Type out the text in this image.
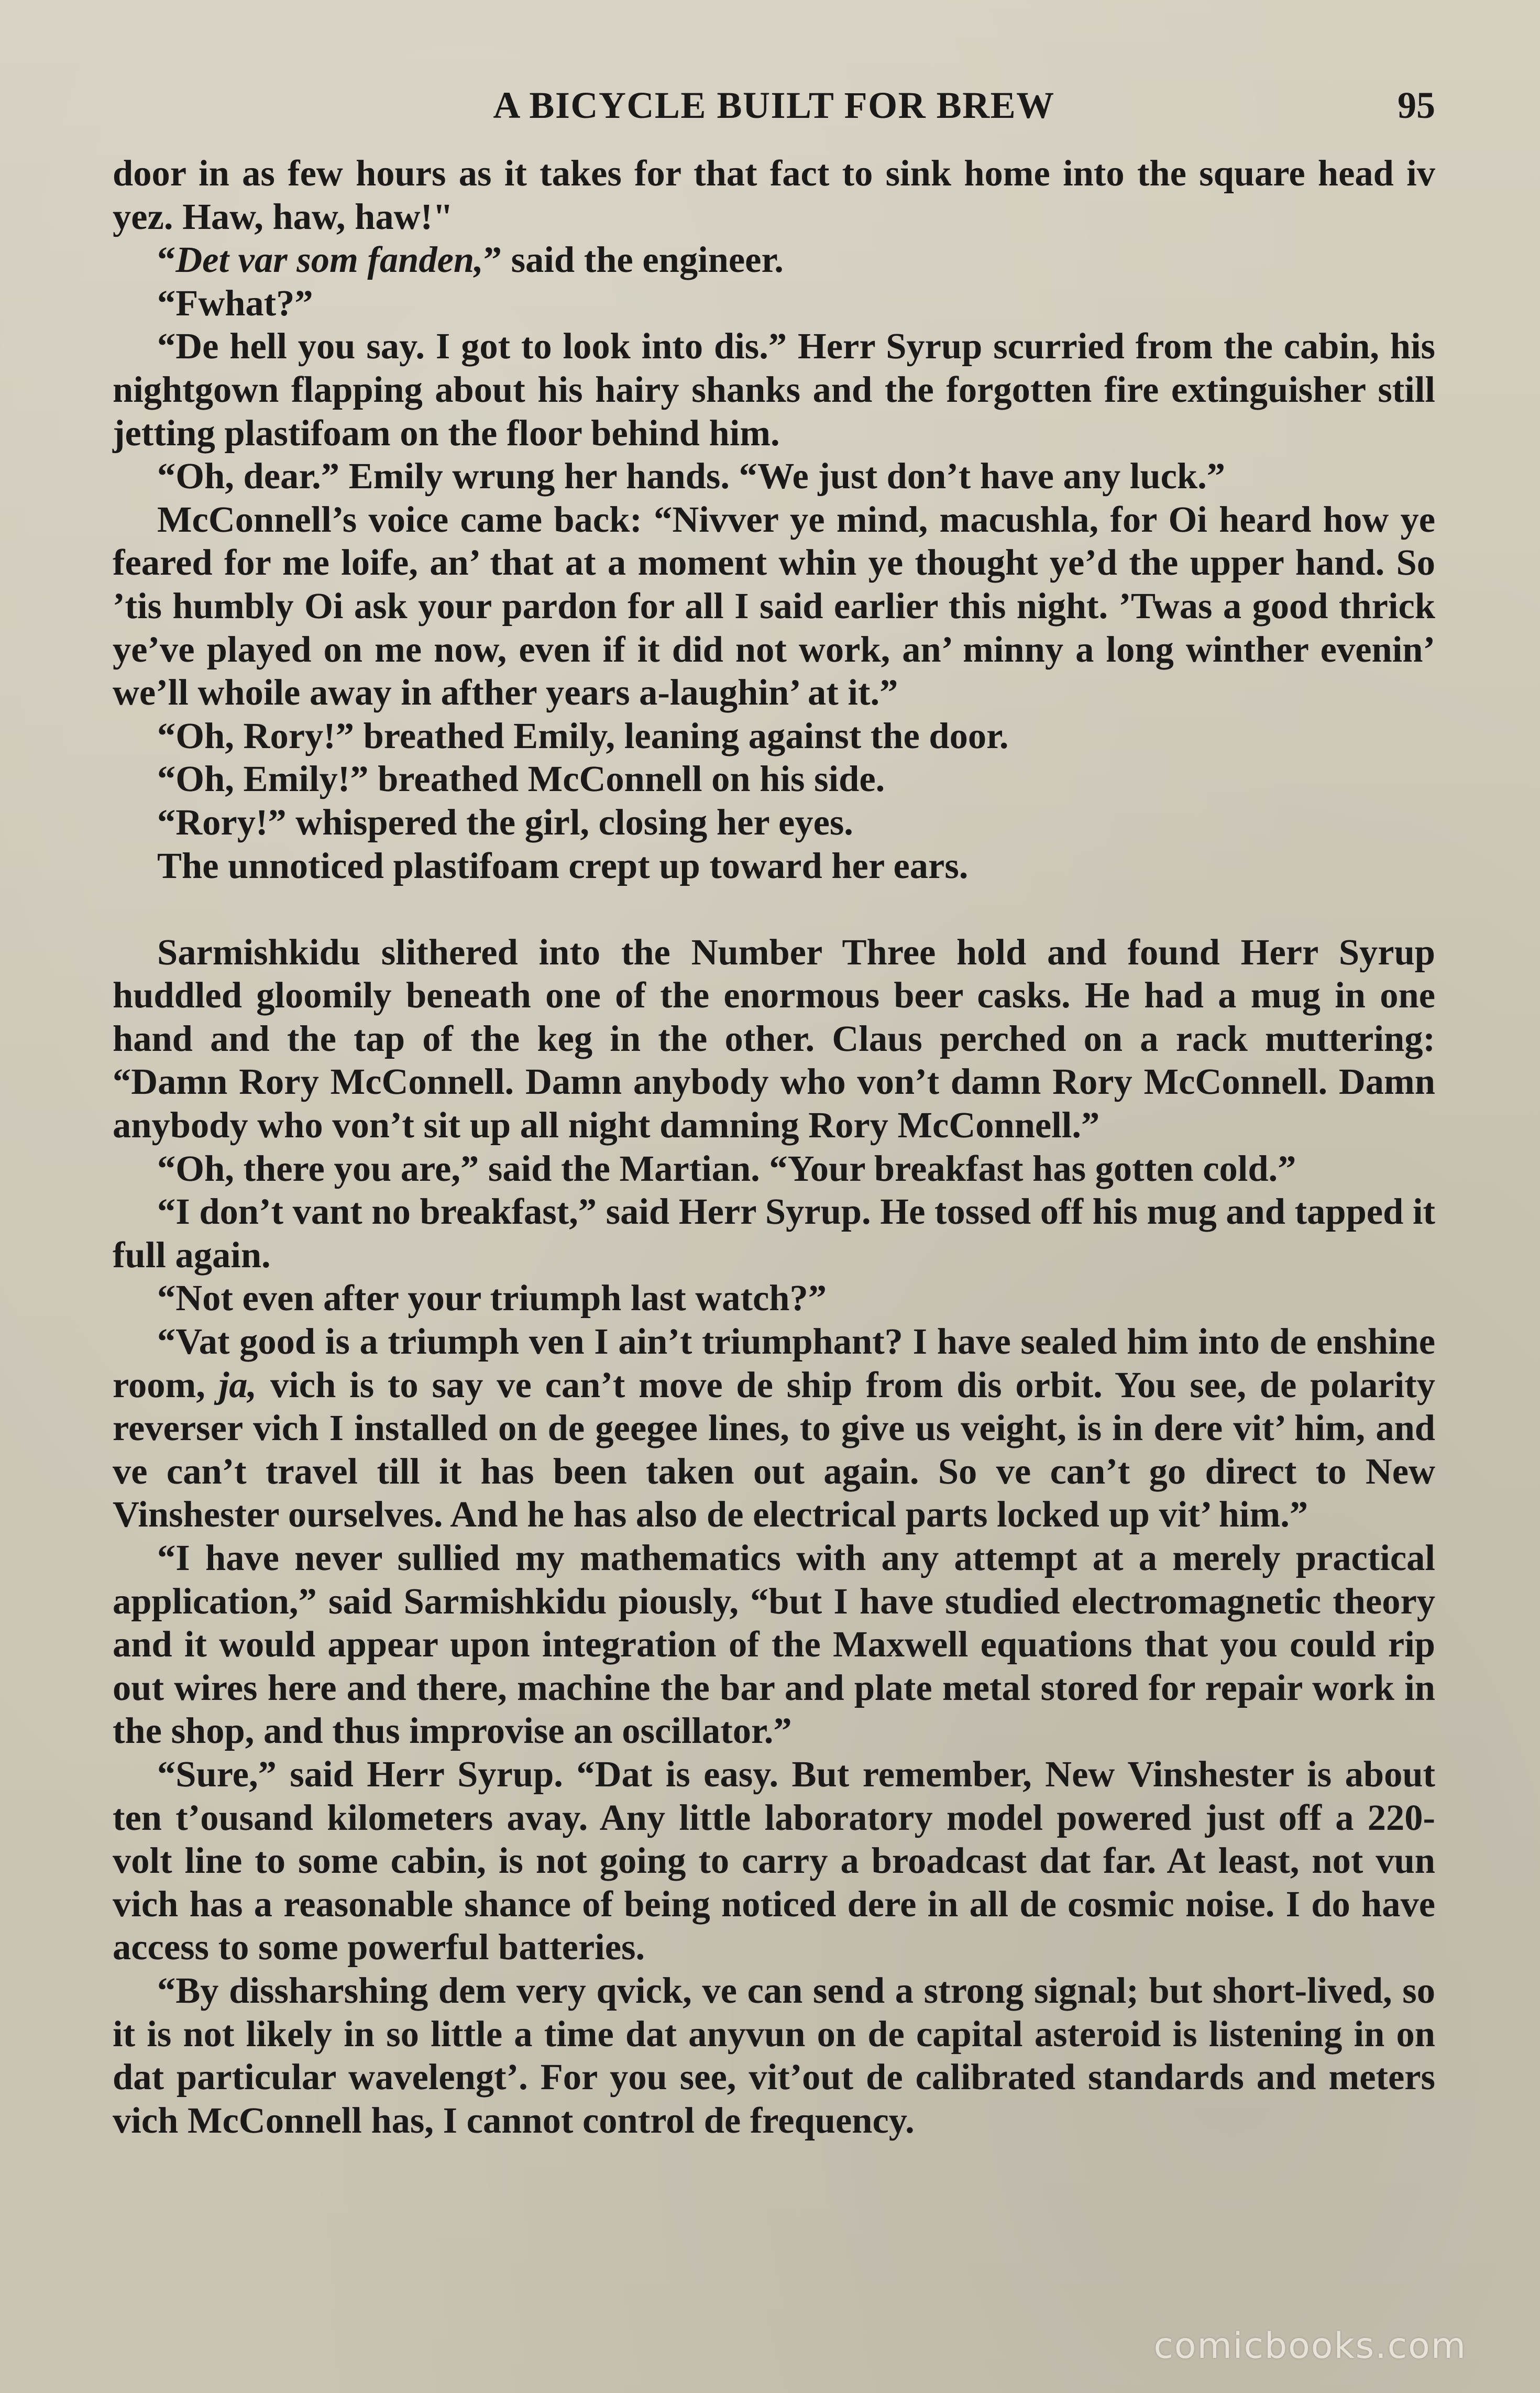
A BICYCLE BUILT FOR BREW	95

door in as few hours as it takes for that fact to sink home into the square head iv yez. Haw, haw, haw!"

“Det var som fanden,” said the engineer.

“Fwhat?”

“De hell you say. I got to look into dis.” Herr Syrup scurried from the cabin, his nightgown flapping about his hairy shanks and the forgotten fire extinguisher still jetting plastifoam on the floor behind him.

“Oh, dear.” Emily wrung her hands. “We just don’t have any luck.”

McConnell’s voice came back: “Nivver ye mind, macushla, for Oi heard how ye feared for me loife, an’ that at a moment whin ye thought ye’d the upper hand. So ’tis humbly Oi ask your pardon for all I said earlier this night. ’Twas a good thrick ye’ve played on me now, even if it did not work, an’ minny a long winther evenin’ we’ll whoile away in afther years a-laughin’ at it.”

“Oh, Rory!” breathed Emily, leaning against the door.

“Oh, Emily!” breathed McConnell on his side.

“Rory!” whispered the girl, closing her eyes.

The unnoticed plastifoam crept up toward her ears.

Sarmishkidu slithered into the Number Three hold and found Herr Syrup huddled gloomily beneath one of the enormous beer casks. He had a mug in one hand and the tap of the keg in the other. Claus perched on a rack muttering: “Damn Rory McConnell. Damn anybody who von’t damn Rory McConnell. Damn anybody who von’t sit up all night damning Rory McConnell.”

“Oh, there you are,” said the Martian. “Your breakfast has gotten cold.”

“I don’t vant no breakfast,” said Herr Syrup. He tossed off his mug and tapped it full again.

“Not even after your triumph last watch?”

“Vat good is a triumph ven I ain’t triumphant? I have sealed him into de enshine room, ja, vich is to say ve can’t move de ship from dis orbit. You see, de polarity reverser vich I installed on de geegee lines, to give us veight, is in dere vit’ him, and ve can’t travel till it has been taken out again. So ve can’t go direct to New Vinshester ourselves. And he has also de electrical parts locked up vit’ him.”

“I have never sullied my mathematics with any attempt at a merely practical application,” said Sarmishkidu piously, “but I have studied electromagnetic theory and it would appear upon integration of the Maxwell equations that you could rip out wires here and there, machine the bar and plate metal stored for repair work in the shop, and thus improvise an oscillator.”

“Sure,” said Herr Syrup. “Dat is easy. But remember, New Vinshester is about ten t’ousand kilometers avay. Any little laboratory model powered just off a 220-volt line to some cabin, is not going to carry a broadcast dat far. At least, not vun vich has a reasonable shance of being noticed dere in all de cosmic noise. I do have access to some powerful batteries.

“By dissharshing dem very qvick, ve can send a strong signal; but short-lived, so it is not likely in so little a time dat anyvun on de capital asteroid is listening in on dat particular wavelengt’. For you see, vit’out de calibrated standards and meters vich McConnell has, I cannot control de frequency.

comicbooks.com
